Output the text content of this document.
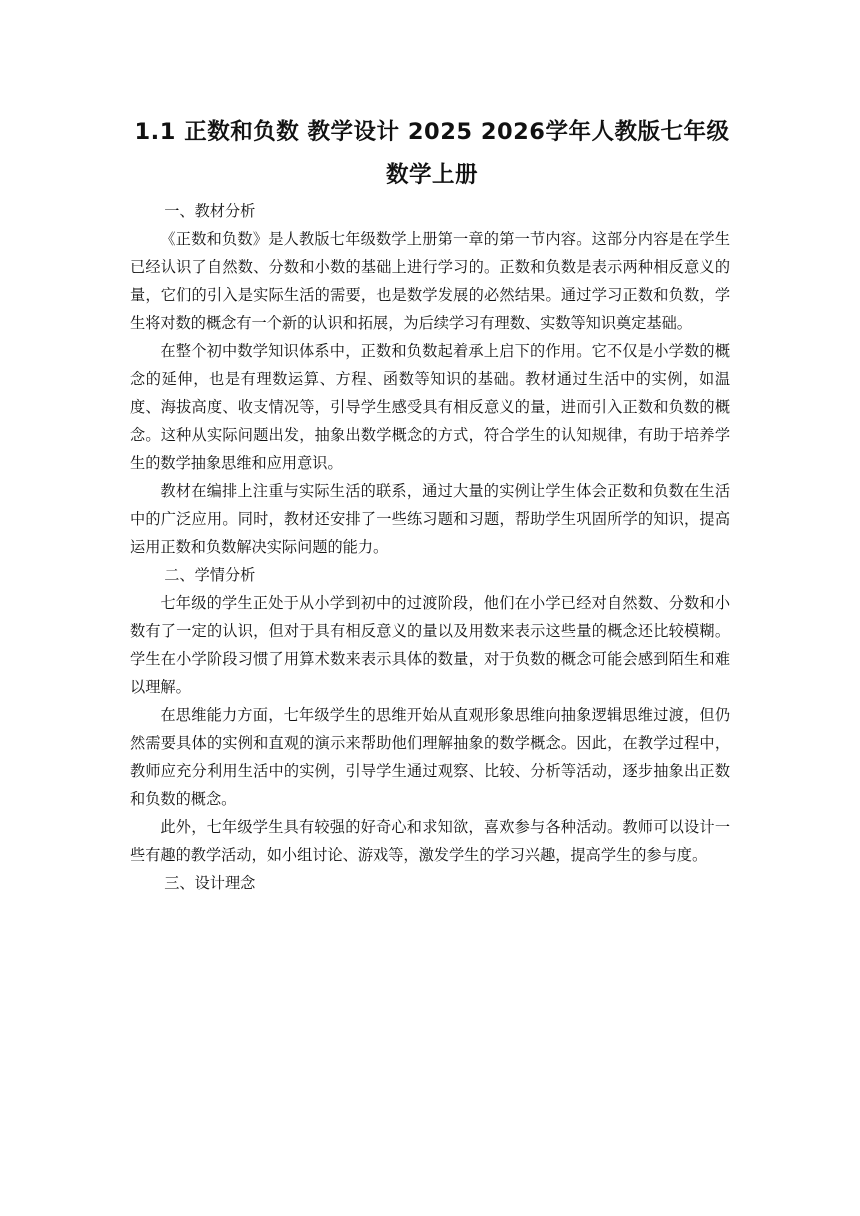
1.1 正数和负数 教学设计 2025 2026学年人教版七年级
数学上册

一、教材分析

《正数和负数》是人教版七年级数学上册第一章的第一节内容。这部分内容是在学生已经认识了自然数、分数和小数的基础上进行学习的。正数和负数是表示两种相反意义的量，它们的引入是实际生活的需要，也是数学发展的必然结果。通过学习正数和负数，学生将对数的概念有一个新的认识和拓展，为后续学习有理数、实数等知识奠定基础。

在整个初中数学知识体系中，正数和负数起着承上启下的作用。它不仅是小学数的概念的延伸，也是有理数运算、方程、函数等知识的基础。教材通过生活中的实例，如温度、海拔高度、收支情况等，引导学生感受具有相反意义的量，进而引入正数和负数的概念。这种从实际问题出发，抽象出数学概念的方式，符合学生的认知规律，有助于培养学生的数学抽象思维和应用意识。

教材在编排上注重与实际生活的联系，通过大量的实例让学生体会正数和负数在生活中的广泛应用。同时，教材还安排了一些练习题和习题，帮助学生巩固所学的知识，提高运用正数和负数解决实际问题的能力。

二、学情分析

七年级的学生正处于从小学到初中的过渡阶段，他们在小学已经对自然数、分数和小数有了一定的认识，但对于具有相反意义的量以及用数来表示这些量的概念还比较模糊。学生在小学阶段习惯了用算术数来表示具体的数量，对于负数的概念可能会感到陌生和难以理解。

在思维能力方面，七年级学生的思维开始从直观形象思维向抽象逻辑思维过渡，但仍然需要具体的实例和直观的演示来帮助他们理解抽象的数学概念。因此，在教学过程中，教师应充分利用生活中的实例，引导学生通过观察、比较、分析等活动，逐步抽象出正数和负数的概念。

此外，七年级学生具有较强的好奇心和求知欲，喜欢参与各种活动。教师可以设计一些有趣的教学活动，如小组讨论、游戏等，激发学生的学习兴趣，提高学生的参与度。

三、设计理念
